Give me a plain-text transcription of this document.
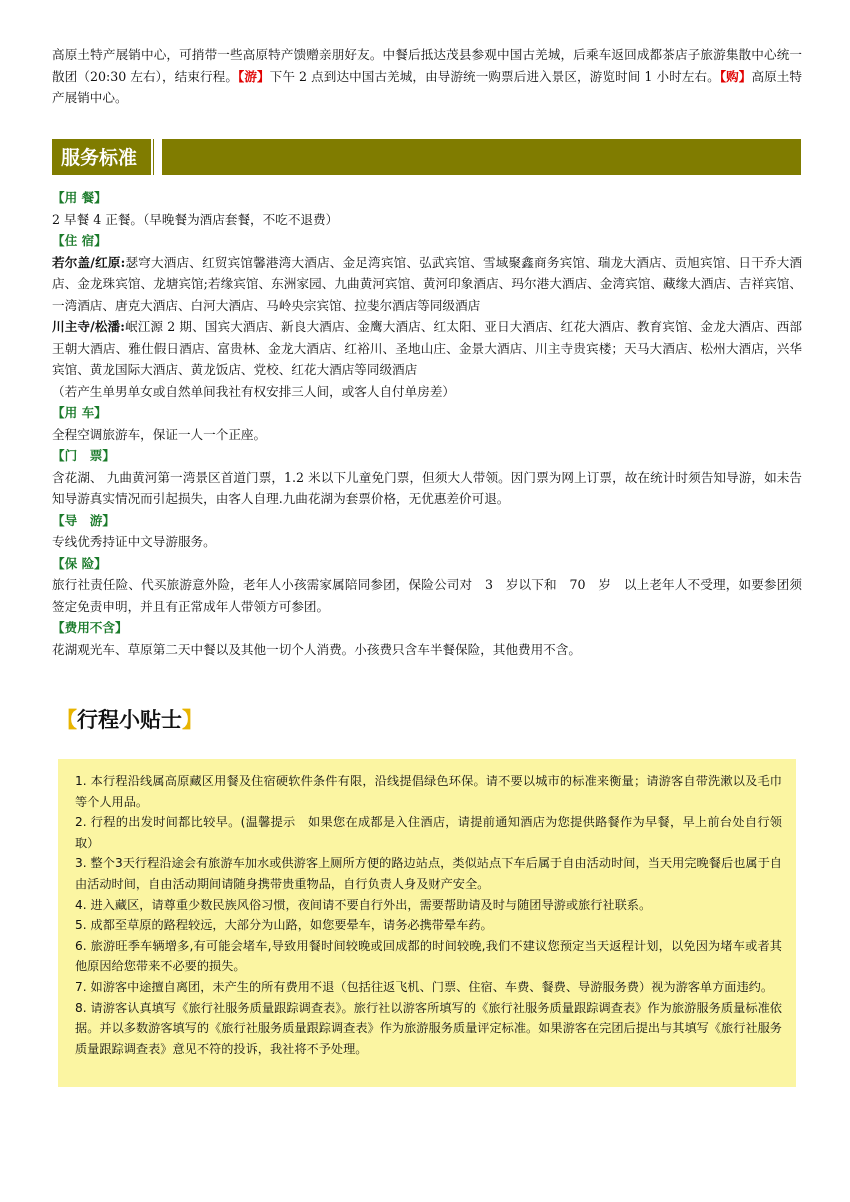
高原土特产展销中心，可捎带一些高原特产馈赠亲朋好友。中餐后抵达茂县参观中国古羌城，后乘车返回成都茶店子旅游集散中心统一散团（20:30 左右），结束行程。【游】下午 2 点到达中国古羌城，由导游统一购票后进入景区，游览时间 1 小时左右。【购】高原土特产展销中心。

服务标准
【用 餐】
2 早餐 4 正餐。（早晚餐为酒店套餐，不吃不退费）
【住 宿】
若尔盖/红原:瑟穹大酒店、红贸宾馆馨港湾大酒店、金足湾宾馆、弘武宾馆、雪域聚鑫商务宾馆、瑞龙大酒店、贡旭宾馆、日干乔大酒店、金龙珠宾馆、龙塘宾馆;若缘宾馆、东洲家园、九曲黄河宾馆、黄河印象酒店、玛尔港大酒店、金湾宾馆、藏缘大酒店、吉祥宾馆、一湾酒店、唐克大酒店、白河大酒店、马岭央宗宾馆、拉斐尔酒店等同级酒店
川主寺/松潘:岷江源 2 期、国宾大酒店、新良大酒店、金鹰大酒店、红太阳、亚日大酒店、红花大酒店、教育宾馆、金龙大酒店、西部王朝大酒店、雅仕假日酒店、富贵林、金龙大酒店、红裕川、圣地山庄、金景大酒店、川主寺贵宾楼；天马大酒店、松州大酒店，兴华宾馆、黄龙国际大酒店、黄龙饭店、党校、红花大酒店等同级酒店
（若产生单男单女或自然单间我社有权安排三人间，或客人自付单房差）
【用 车】
全程空调旅游车，保证一人一个正座。
【门　票】
含花湖、 九曲黄河第一湾景区首道门票，1.2 米以下儿童免门票，但须大人带领。因门票为网上订票，故在统计时须告知导游，如未告知导游真实情况而引起损失，由客人自理.九曲花湖为套票价格，无优惠差价可退。
【导　游】
专线优秀持证中文导游服务。
【保 险】
旅行社责任险、代买旅游意外险，老年人小孩需家属陪同参团，保险公司对　3　岁以下和　70　岁　以上老年人不受理，如要参团须签定免责申明，并且有正常成年人带领方可参团。
【费用不含】
花湖观光车、草原第二天中餐以及其他一切个人消费。小孩费只含车半餐保险，其他费用不含。
【行程小贴士】

1. 本行程沿线属高原藏区用餐及住宿硬软件条件有限，沿线提倡绿色环保。请不要以城市的标准来衡量；请游客自带洗漱以及毛巾等个人用品。

2. 行程的出发时间都比较早。(温馨提示　如果您在成都是入住酒店，请提前通知酒店为您提供路餐作为早餐，早上前台处自行领取）

3. 整个3天行程沿途会有旅游车加水或供游客上厕所方便的路边站点，类似站点下车后属于自由活动时间，当天用完晚餐后也属于自由活动时间，自由活动期间请随身携带贵重物品，自行负责人身及财产安全。

4. 进入藏区，请尊重少数民族风俗习惯，夜间请不要自行外出，需要帮助请及时与随团导游或旅行社联系。

5. 成都至草原的路程较远，大部分为山路，如您要晕车，请务必携带晕车药。

6. 旅游旺季车辆增多,有可能会堵车,导致用餐时间较晚或回成都的时间较晚,我们不建议您预定当天返程计划，以免因为堵车或者其他原因给您带来不必要的损失。

7. 如游客中途擅自离团，未产生的所有费用不退（包括往返飞机、门票、住宿、车费、餐费、导游服务费）视为游客单方面违约。

8. 请游客认真填写《旅行社服务质量跟踪调查表》。旅行社以游客所填写的《旅行社服务质量跟踪调查表》作为旅游服务质量标准依据。并以多数游客填写的《旅行社服务质量跟踪调查表》作为旅游服务质量评定标准。如果游客在完团后提出与其填写《旅行社服务质量跟踪调查表》意见不符的投诉，我社将不予处理。
